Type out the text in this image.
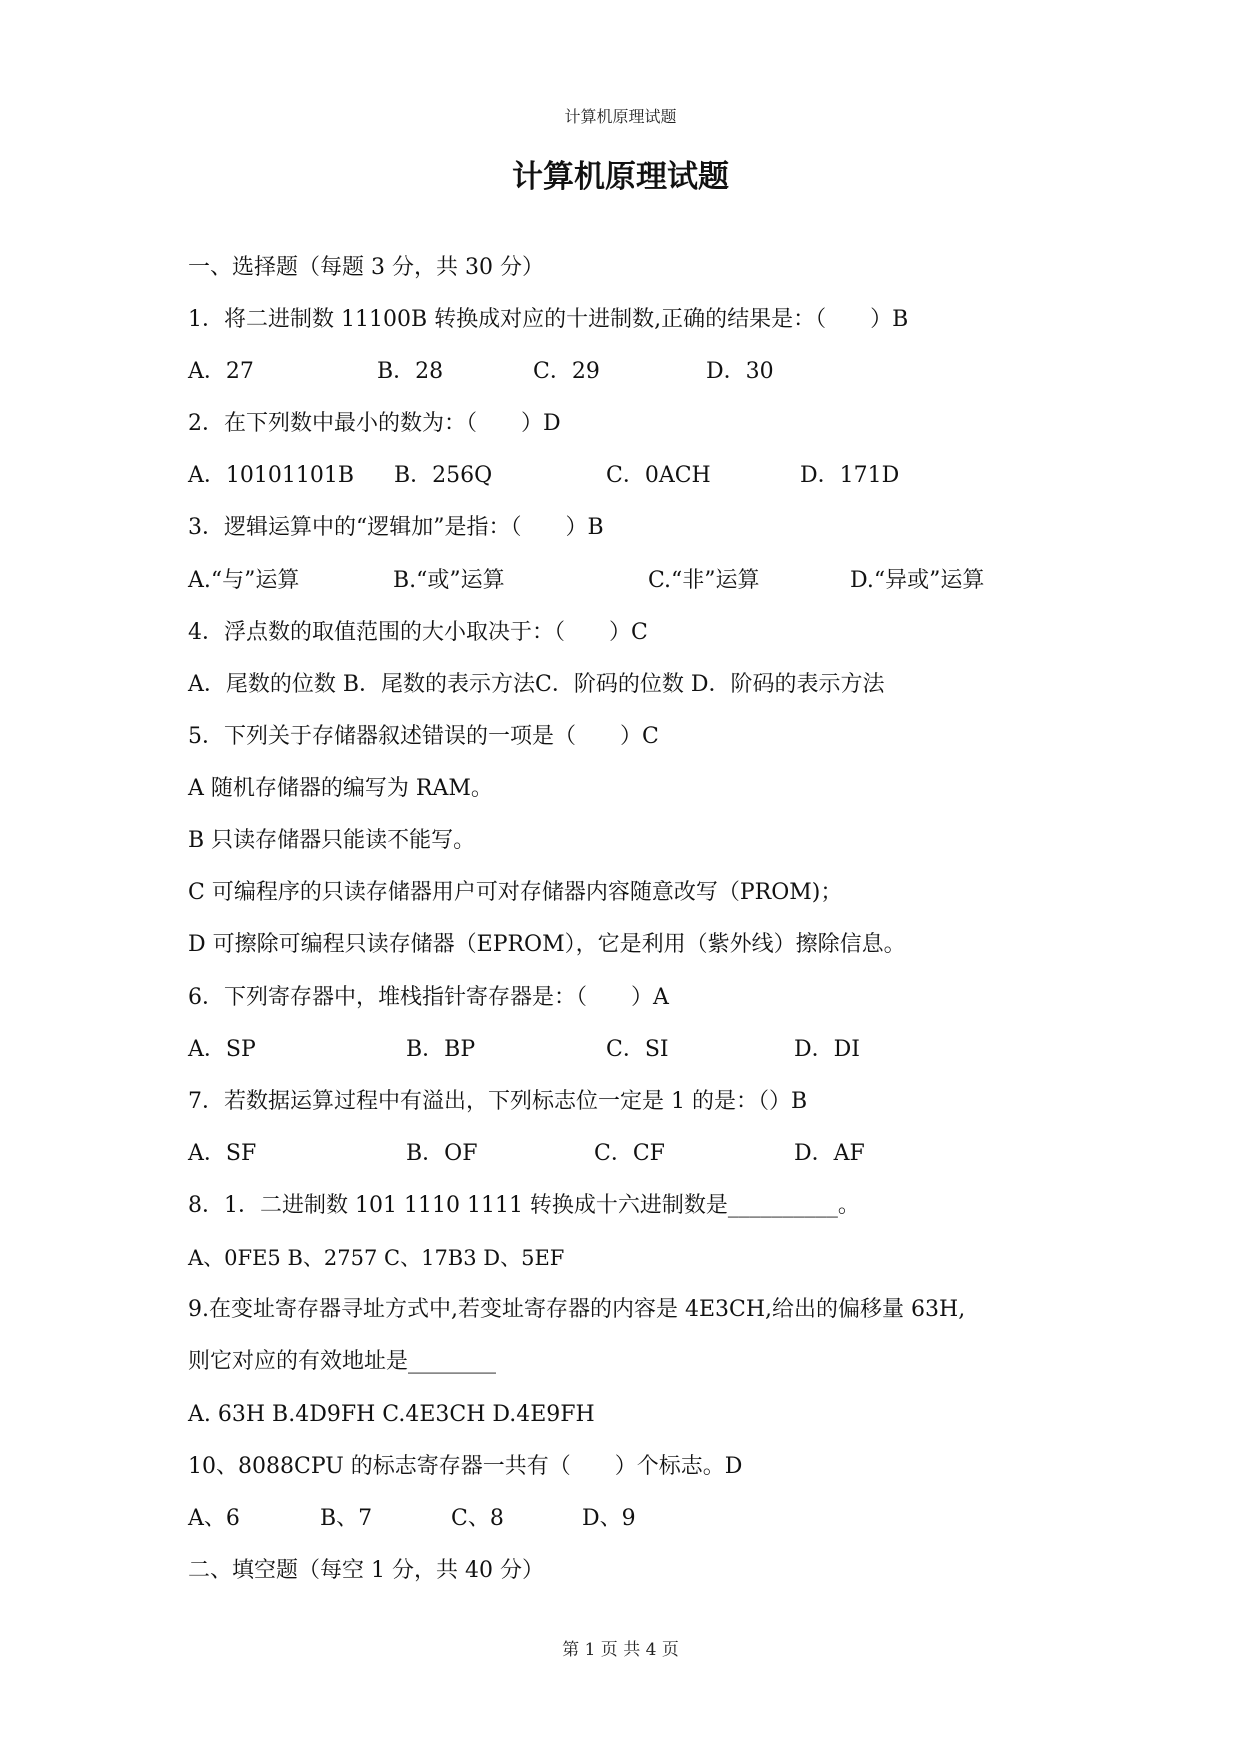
计算机原理试题
计算机原理试题
一、选择题（每题 3 分，共 30 分）
1．将二进制数 11100B 转换成对应的十进制数,正确的结果是：（　　）B
A．27	B．28	C．29	D．30
2．在下列数中最小的数为：（　　）D
A．10101101B B．256Q	C．0ACH	D．171D
3．逻辑运算中的“逻辑加”是指：（　　）B
A.“与”运算	B.“或”运算	C.“非”运算	D.“异或”运算
4．浮点数的取值范围的大小取决于：（　　）C
A．尾数的位数 B．尾数的表示方法C．阶码的位数 D．阶码的表示方法
5．下列关于存储器叙述错误的一项是（　　）C
A 随机存储器的编写为 RAM。
B 只读存储器只能读不能写。
C 可编程序的只读存储器用户可对存储器内容随意改写（PROM)；
D 可擦除可编程只读存储器（EPROM），它是利用（紫外线）擦除信息。
6．下列寄存器中，堆栈指针寄存器是：（　　）A
A．SP	B．BP	C．SI	D．DI
7．若数据运算过程中有溢出，下列标志位一定是 1 的是：（）B
A．SF	B．OF	C．CF	D．AF
8．1．二进制数 101 1110 1111 转换成十六进制数是__________。
A、0FE5 B、2757 C、17B3 D、5EF
9.在变址寄存器寻址方式中,若变址寄存器的内容是 4E3CH,给出的偏移量 63H,
则它对应的有效地址是________
A. 63H B.4D9FH C.4E3CH D.4E9FH
10、8088CPU 的标志寄存器一共有（　　）个标志。D
A、6	B、7	C、8	D、9
二、填空题（每空 1 分，共 40 分）
第 1 页 共 4 页
